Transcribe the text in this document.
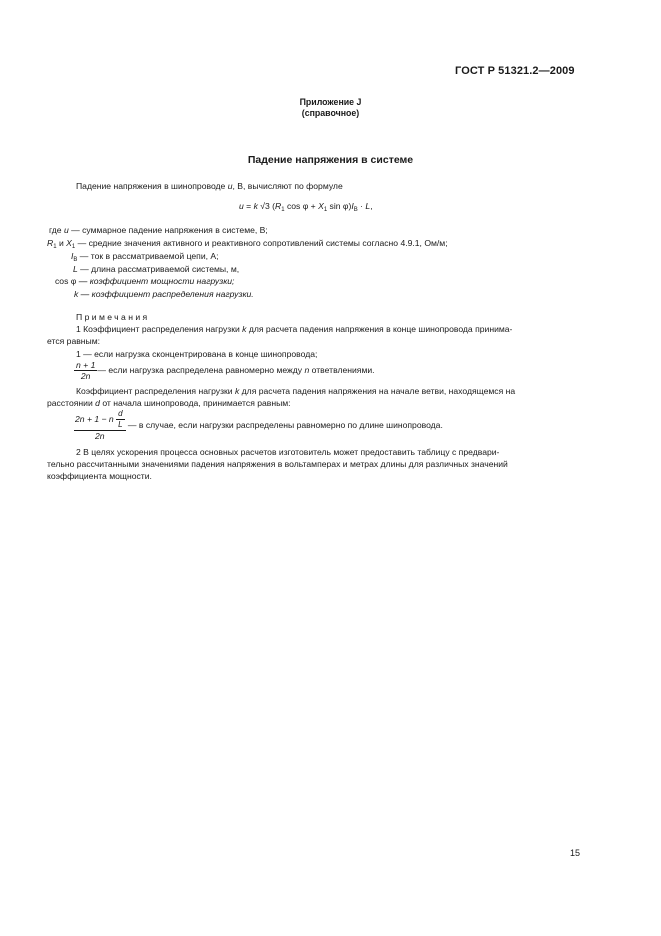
ГОСТ Р 51321.2—2009
Приложение J
(справочное)
Падение напряжения в системе
Падение напряжения в шинопроводе u, В, вычисляют по формуле
u = k √3 ($R_1$ $\cos \varphi + X_1$ $\sin \varphi)I_B \cdot L$,
где u — суммарное падение напряжения в системе, В;
$R_1$ и $X_1$ — средние значения активного и реактивного сопротивлений системы согласно 4.9.1, Ом/м;
$I_B$ — ток в рассматриваемой цепи, А;
L — длина рассматриваемой системы, м,
cos φ — коэффициент мощности нагрузки;
k — коэффициент распределения нагрузки.
Примечания
1 Коэффициент распределения нагрузки k для расчета падения напряжения в конце шинопровода принима-
ется равным:
1 — если нагрузка сконцентрирована в конце шинопровода;
$\frac{n + 1}{2n}$ — если нагрузка распределена равномерно между n ответвлениями.
Коэффициент распределения нагрузки k для расчета падения напряжения на начале ветви, находящемся на
расстоянии d от начала шинопровода, принимается равным:
$\frac{2n + 1 - n \frac{d}{L}}{2n}$ — в случае, если нагрузки распределены равномерно по длине шинопровода.
2 В целях ускорения процесса основных расчетов изготовитель может предоставить таблицу с предвари-
тельно рассчитанными значениями падения напряжения в вольтамперах и метрах длины для различных значений
коэффициента мощности.
15
